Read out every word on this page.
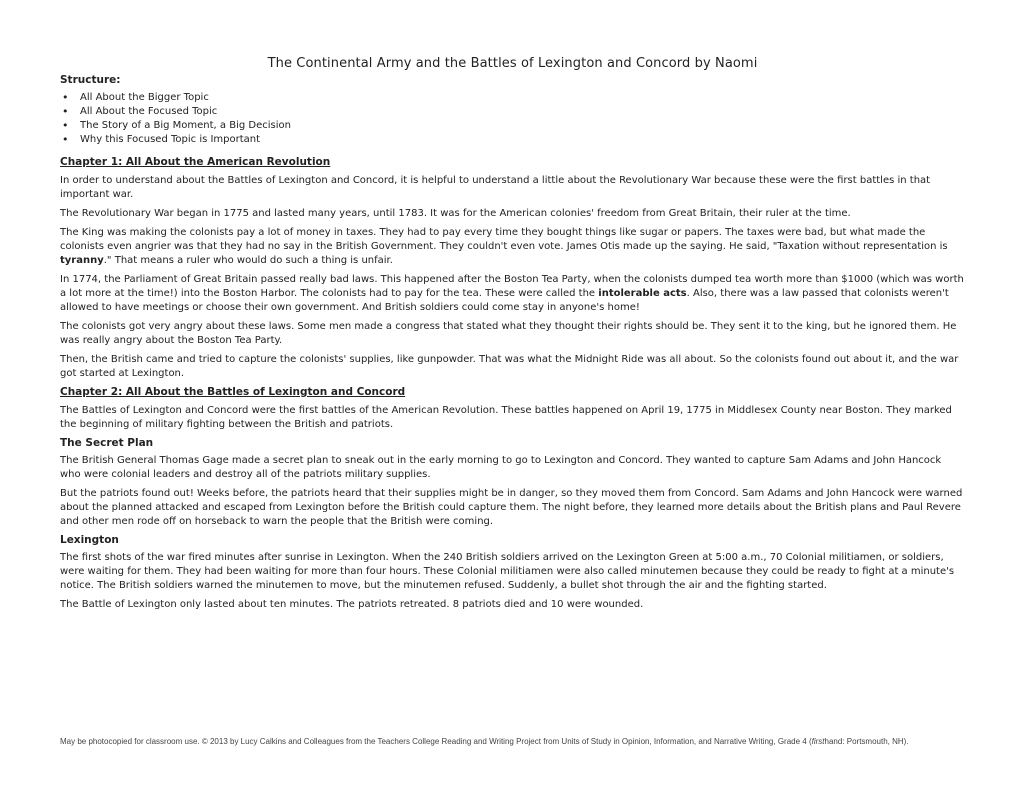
The Continental Army and the Battles of Lexington and Concord by Naomi
Structure:
• All About the Bigger Topic
• All About the Focused Topic
• The Story of a Big Moment, a Big Decision
• Why this Focused Topic is Important
Chapter 1: All About the American Revolution

In order to understand about the Battles of Lexington and Concord, it is helpful to understand a little about the Revolutionary War because these were the first battles in that important war.

The Revolutionary War began in 1775 and lasted many years, until 1783. It was for the American colonies' freedom from Great Britain, their ruler at the time.

The King was making the colonists pay a lot of money in taxes. They had to pay every time they bought things like sugar or papers. The taxes were bad, but what made the colonists even angrier was that they had no say in the British Government. They couldn't even vote. James Otis made up the saying. He said, "Taxation without representation is tyranny." That means a ruler who would do such a thing is unfair.

In 1774, the Parliament of Great Britain passed really bad laws. This happened after the Boston Tea Party, when the colonists dumped tea worth more than $1000 (which was worth a lot more at the time!) into the Boston Harbor. The colonists had to pay for the tea. These were called the intolerable acts. Also, there was a law passed that colonists weren't allowed to have meetings or choose their own government. And British soldiers could come stay in anyone's home!

The colonists got very angry about these laws. Some men made a congress that stated what they thought their rights should be. They sent it to the king, but he ignored them. He was really angry about the Boston Tea Party.

Then, the British came and tried to capture the colonists' supplies, like gunpowder. That was what the Midnight Ride was all about. So the colonists found out about it, and the war got started at Lexington.

Chapter 2: All About the Battles of Lexington and Concord

The Battles of Lexington and Concord were the first battles of the American Revolution. These battles happened on April 19, 1775 in Middlesex County near Boston. They marked the beginning of military fighting between the British and patriots.

The Secret Plan

The British General Thomas Gage made a secret plan to sneak out in the early morning to go to Lexington and Concord. They wanted to capture Sam Adams and John Hancock who were colonial leaders and destroy all of the patriots military supplies.

But the patriots found out! Weeks before, the patriots heard that their supplies might be in danger, so they moved them from Concord. Sam Adams and John Hancock were warned about the planned attacked and escaped from Lexington before the British could capture them. The night before, they learned more details about the British plans and Paul Revere and other men rode off on horseback to warn the people that the British were coming.

Lexington

The first shots of the war fired minutes after sunrise in Lexington. When the 240 British soldiers arrived on the Lexington Green at 5:00 a.m., 70 Colonial militiamen, or soldiers, were waiting for them. They had been waiting for more than four hours. These Colonial militiamen were also called minutemen because they could be ready to fight at a minute's notice. The British soldiers warned the minutemen to move, but the minutemen refused. Suddenly, a bullet shot through the air and the fighting started.

The Battle of Lexington only lasted about ten minutes. The patriots retreated. 8 patriots died and 10 were wounded.

May be photocopied for classroom use. © 2013 by Lucy Calkins and Colleagues from the Teachers College Reading and Writing Project from Units of Study in Opinion, Information, and Narrative Writing, Grade 4 (firsthand: Portsmouth, NH).
